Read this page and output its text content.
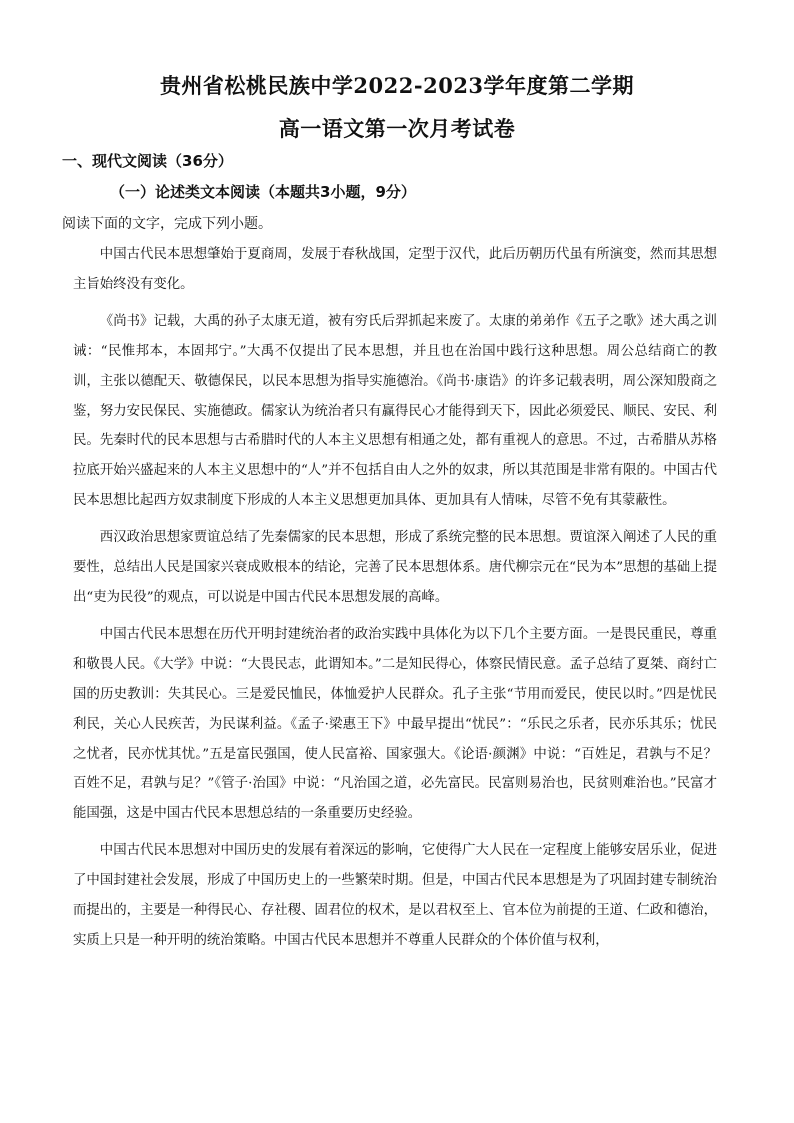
贵州省松桃民族中学2022-2023学年度第二学期
高一语文第一次月考试卷
一、现代文阅读（36分）
（一）论述类文本阅读（本题共3小题，9分）
阅读下面的文字，完成下列小题。

中国古代民本思想肇始于夏商周，发展于春秋战国，定型于汉代，此后历朝历代虽有所演变，然而其思想主旨始终没有变化。

《尚书》记载，大禹的孙子太康无道，被有穷氏后羿抓起来废了。太康的弟弟作《五子之歌》述大禹之训诫：“民惟邦本，本固邦宁。”大禹不仅提出了民本思想，并且也在治国中践行这种思想。周公总结商亡的教训，主张以德配天、敬德保民，以民本思想为指导实施德治。《尚书·康诰》的许多记载表明，周公深知殷商之鉴，努力安民保民、实施德政。儒家认为统治者只有赢得民心才能得到天下，因此必须爱民、顺民、安民、利民。先秦时代的民本思想与古希腊时代的人本主义思想有相通之处，都有重视人的意思。不过，古希腊从苏格拉底开始兴盛起来的人本主义思想中的“人”并不包括自由人之外的奴隶，所以其范围是非常有限的。中国古代民本思想比起西方奴隶制度下形成的人本主义思想更加具体、更加具有人情味，尽管不免有其蒙蔽性。

西汉政治思想家贾谊总结了先秦儒家的民本思想，形成了系统完整的民本思想。贾谊深入阐述了人民的重要性，总结出人民是国家兴衰成败根本的结论，完善了民本思想体系。唐代柳宗元在“民为本”思想的基础上提出“吏为民役”的观点，可以说是中国古代民本思想发展的高峰。

中国古代民本思想在历代开明封建统治者的政治实践中具体化为以下几个主要方面。一是畏民重民，尊重和敬畏人民。《大学》中说：“大畏民志，此谓知本。”二是知民得心，体察民情民意。孟子总结了夏桀、商纣亡国的历史教训：失其民心。三是爱民恤民，体恤爱护人民群众。孔子主张“节用而爱民，使民以时。”四是忧民利民，关心人民疾苦，为民谋利益。《孟子·梁惠王下》中最早提出“忧民”：“乐民之乐者，民亦乐其乐；忧民之忧者，民亦忧其忧。”五是富民强国，使人民富裕、国家强大。《论语·颜渊》中说：“百姓足，君孰与不足？百姓不足，君孰与足？”《管子·治国》中说：“凡治国之道，必先富民。民富则易治也，民贫则难治也。”民富才能国强，这是中国古代民本思想总结的一条重要历史经验。

中国古代民本思想对中国历史的发展有着深远的影响，它使得广大人民在一定程度上能够安居乐业，促进了中国封建社会发展，形成了中国历史上的一些繁荣时期。但是，中国古代民本思想是为了巩固封建专制统治而提出的，主要是一种得民心、存社稷、固君位的权术，是以君权至上、官本位为前提的王道、仁政和德治，实质上只是一种开明的统治策略。中国古代民本思想并不尊重人民群众的个体价值与权利，
